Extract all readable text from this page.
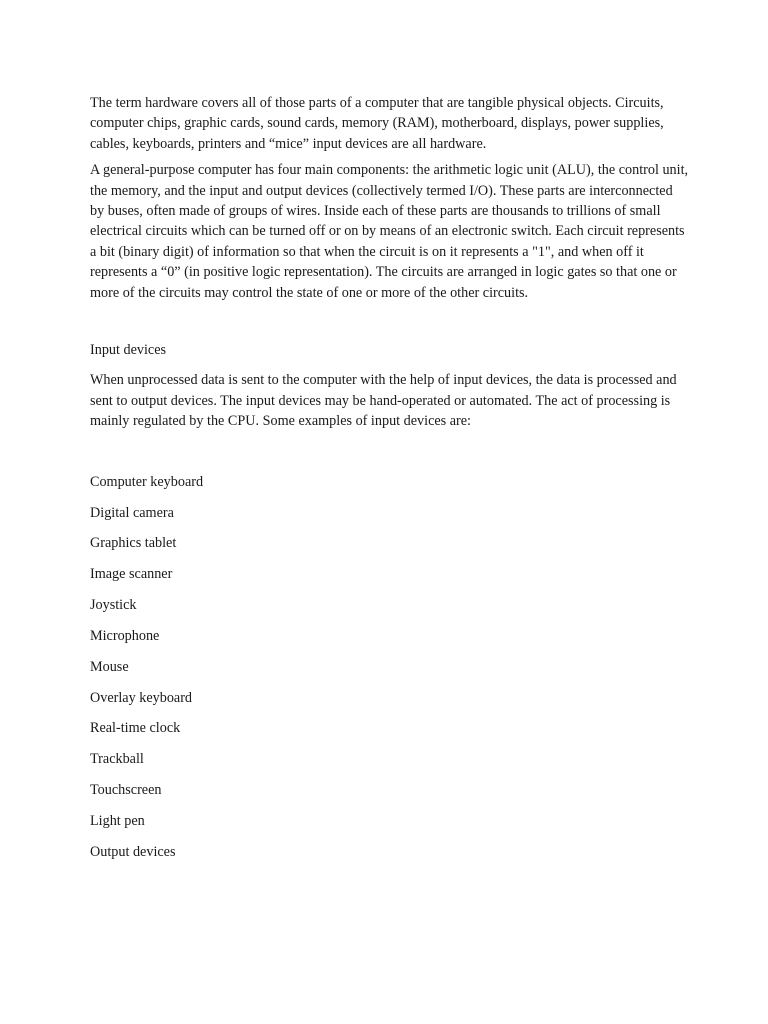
The term hardware covers all of those parts of a computer that are tangible physical objects. Circuits, computer chips, graphic cards, sound cards, memory (RAM), motherboard, displays, power supplies, cables, keyboards, printers and “mice” input devices are all hardware.

A general-purpose computer has four main components: the arithmetic logic unit (ALU), the control unit, the memory, and the input and output devices (collectively termed I/O). These parts are interconnected by buses, often made of groups of wires. Inside each of these parts are thousands to trillions of small electrical circuits which can be turned off or on by means of an electronic switch. Each circuit represents a bit (binary digit) of information so that when the circuit is on it represents a "1", and when off it represents a “0” (in positive logic representation). The circuits are arranged in logic gates so that one or more of the circuits may control the state of one or more of the other circuits.

Input devices

When unprocessed data is sent to the computer with the help of input devices, the data is processed and sent to output devices. The input devices may be hand-operated or automated. The act of processing is mainly regulated by the CPU. Some examples of input devices are:

Computer keyboard
Digital camera
Graphics tablet
Image scanner
Joystick
Microphone
Mouse
Overlay keyboard
Real-time clock
Trackball
Touchscreen
Light pen
Output devices
